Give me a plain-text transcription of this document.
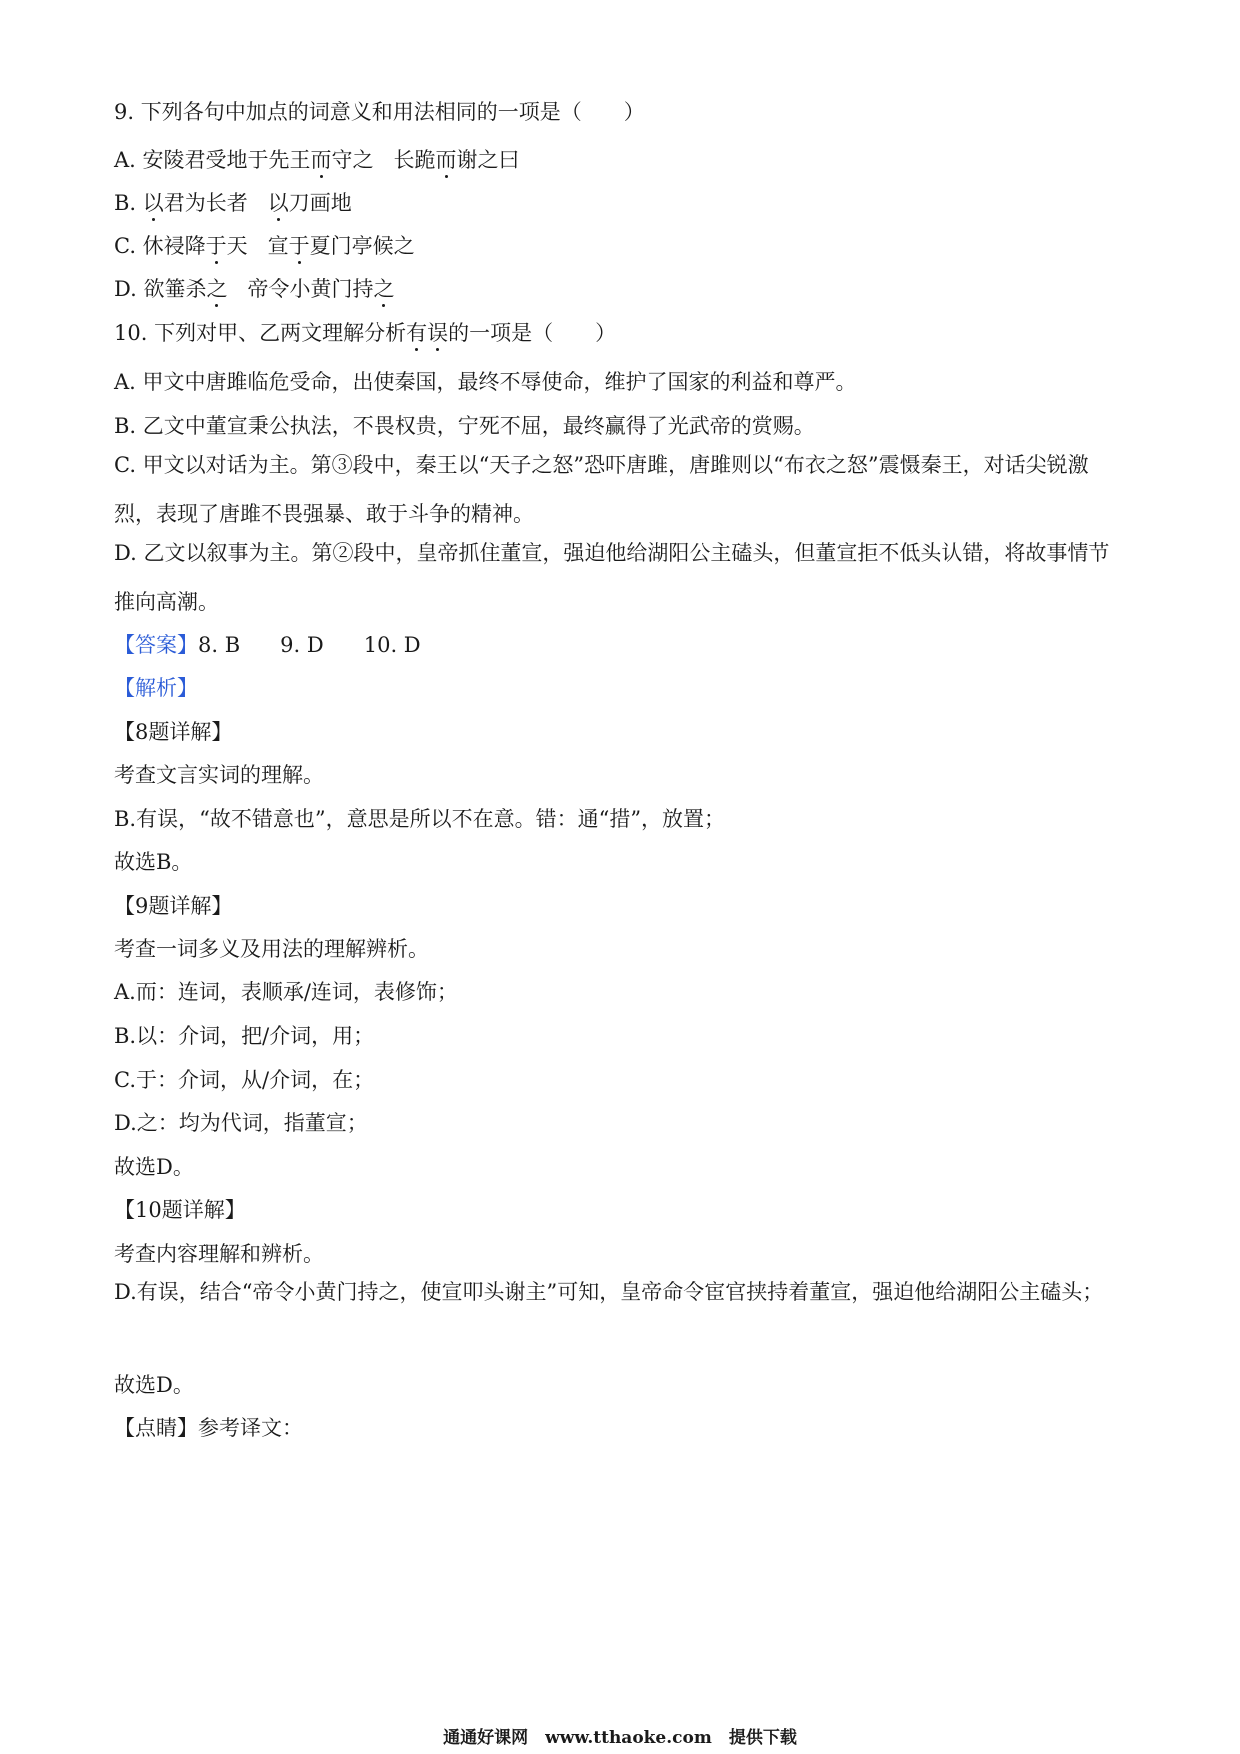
9. 下列各句中加点的词意义和用法相同的一项是（　　）
A. 安陵君受地于先王而守之 长跪而谢之曰
B. 以君为长者 以刀画地
C. 休祲降于天 宣于夏门亭候之
D. 欲箠杀之 帝令小黄门持之
10. 下列对甲、乙两文理解分析有误的一项是（　　）
A. 甲文中唐雎临危受命，出使秦国，最终不辱使命，维护了国家的利益和尊严。
B. 乙文中董宣秉公执法，不畏权贵，宁死不屈，最终赢得了光武帝的赏赐。
C. 甲文以对话为主。第③段中，秦王以“天子之怒”恐吓唐雎，唐雎则以“布衣之怒”震慑秦王，对话尖锐激烈，表现了唐雎不畏强暴、敢于斗争的精神。
D. 乙文以叙事为主。第②段中，皇帝抓住董宣，强迫他给湖阳公主磕头，但董宣拒不低头认错，将故事情节推向高潮。
【答案】8. B 9. D 10. D
【解析】
【8题详解】
考查文言实词的理解。
B.有误，“故不错意也”，意思是所以不在意。错：通“措”，放置；
故选B。
【9题详解】
考查一词多义及用法的理解辨析。
A.而：连词，表顺承/连词，表修饰；
B.以：介词，把/介词，用；
C.于：介词，从/介词，在；
D.之：均为代词，指董宣；
故选D。
【10题详解】
考查内容理解和辨析。
D.有误，结合“帝令小黄门持之，使宣叩头谢主”可知，皇帝命令宦官挟持着董宣，强迫他给湖阳公主磕头；
故选D。
【点睛】参考译文：
通通好课网　www.tthaoke.com　提供下载
